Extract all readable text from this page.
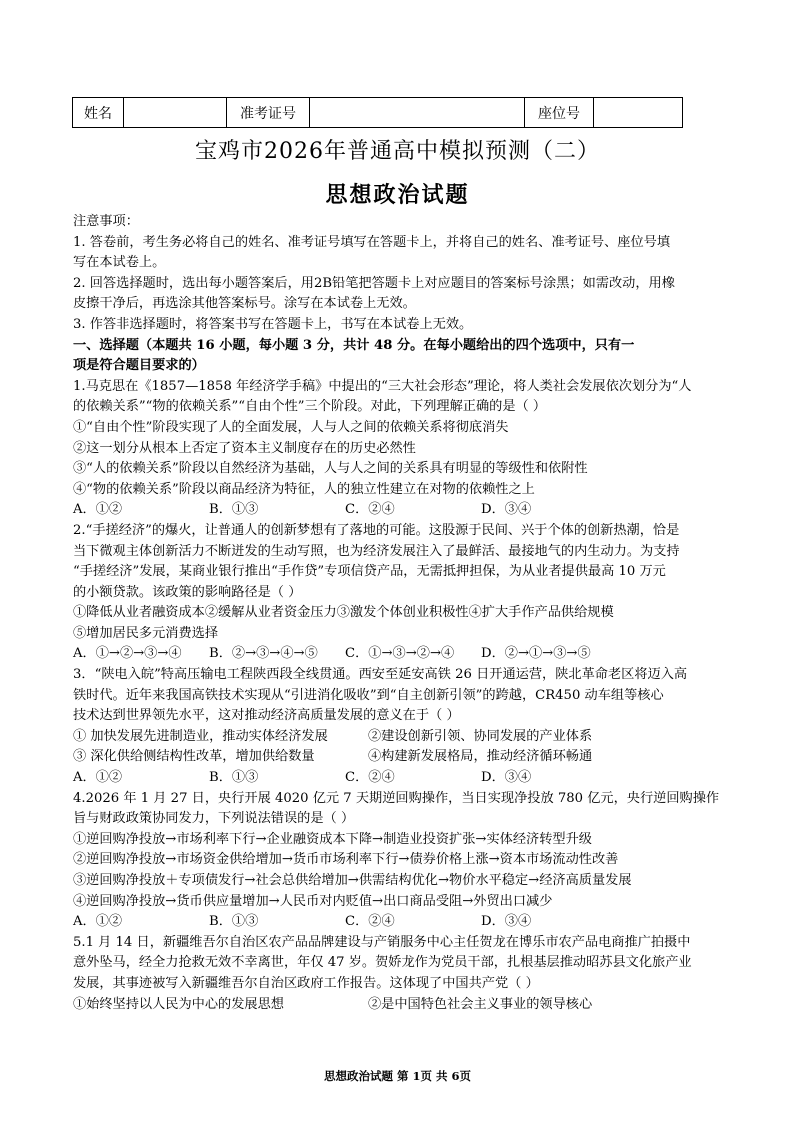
姓名		准考证号		座位号	
宝鸡市2026年普通高中模拟预测（二）
思想政治试题

注意事项：

1. 答卷前，考生务必将自己的姓名、准考证号填写在答题卡上，并将自己的姓名、准考证号、座位号填

写在本试卷上。

2. 回答选择题时，选出每小题答案后，用2B铅笔把答题卡上对应题目的答案标号涂黑；如需改动，用橡

皮擦干净后，再选涂其他答案标号。涂写在本试卷上无效。

3. 作答非选择题时，将答案书写在答题卡上，书写在本试卷上无效。

一、选择题（本题共 16 小题，每小题 3 分，共计 48 分。在每小题给出的四个选项中，只有一

项是符合题目要求的）

1.马克思在《1857—1858 年经济学手稿》中提出的“三大社会形态”理论，将人类社会发展依次划分为“人

的依赖关系”“物的依赖关系”“自由个性”三个阶段。对此，下列理解正确的是（ ）

①“自由个性”阶段实现了人的全面发展，人与人之间的依赖关系将彻底消失

②这一划分从根本上否定了资本主义制度存在的历史必然性

③“人的依赖关系”阶段以自然经济为基础，人与人之间的关系具有明显的等级性和依附性

④“物的依赖关系”阶段以商品经济为特征，人的独立性建立在对物的依赖性之上

A．①②	B．①③	C．②④	D．③④

2.“手搓经济”的爆火，让普通人的创新梦想有了落地的可能。这股源于民间、兴于个体的创新热潮，恰是

当下微观主体创新活力不断迸发的生动写照，也为经济发展注入了最鲜活、最接地气的内生动力。为支持

“手搓经济”发展，某商业银行推出“手作贷”专项信贷产品，无需抵押担保，为从业者提供最高 10 万元

的小额贷款。该政策的影响路径是（ ）

①降低从业者融资成本②缓解从业者资金压力③激发个体创业积极性④扩大手作产品供给规模

⑤增加居民多元消费选择

A．①→②→③→④	B．②→③→④→⑤	C．①→③→②→④	D．②→①→③→⑤

3．“陕电入皖”特高压输电工程陕西段全线贯通。西安至延安高铁 26 日开通运营，陕北革命老区将迈入高

铁时代。近年来我国高铁技术实现从“引进消化吸收”到“自主创新引领”的跨越，CR450 动车组等核心

技术达到世界领先水平，这对推动经济高质量发展的意义在于（ ）

① 加快发展先进制造业，推动实体经济发展	②建设创新引领、协同发展的产业体系

③ 深化供给侧结构性改革，增加供给数量	④构建新发展格局，推动经济循环畅通

A．①②	B．①③	C．②④	D．③④

4.2026 年 1 月 27 日，央行开展 4020 亿元 7 天期逆回购操作，当日实现净投放 780 亿元，央行逆回购操作

旨与财政政策协同发力，下列说法错误的是（ ）

①逆回购净投放→市场利率下行→企业融资成本下降→制造业投资扩张→实体经济转型升级

②逆回购净投放→市场资金供给增加→货币市场利率下行→债券价格上涨→资本市场流动性改善

③逆回购净投放＋专项债发行→社会总供给增加→供需结构优化→物价水平稳定→经济高质量发展

④逆回购净投放→货币供应量增加→人民币对内贬值→出口商品受阻→外贸出口减少

A．①②	B．①③	C．②④	D．③④

5.1 月 14 日，新疆维吾尔自治区农产品品牌建设与产销服务中心主任贺龙在博乐市农产品电商推广拍摄中

意外坠马，经全力抢救无效不幸离世，年仅 47 岁。贺娇龙作为党员干部，扎根基层推动昭苏县文化旅产业

发展，其事迹被写入新疆维吾尔自治区政府工作报告。这体现了中国共产党（ ）

①始终坚持以人民为中心的发展思想	②是中国特色社会主义事业的领导核心

思想政治试题 第 1页 共 6页
